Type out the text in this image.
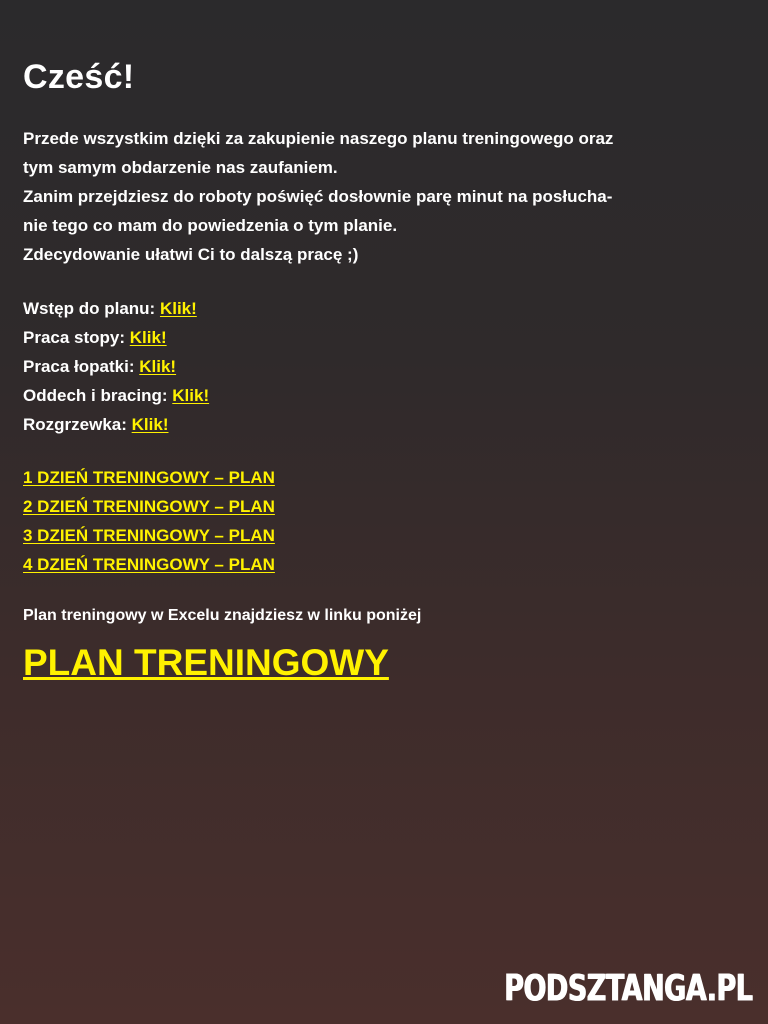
Cześć!
Przede wszystkim dzięki za zakupienie naszego planu treningowego oraz
tym samym obdarzenie nas zaufaniem.
Zanim przejdziesz do roboty poświęć dosłownie parę minut na posłucha-
nie tego co mam do powiedzenia o tym planie.
Zdecydowanie ułatwi Ci to dalszą pracę ;)
Wstęp do planu: Klik!
Praca stopy: Klik!
Praca łopatki: Klik!
Oddech i bracing: Klik!
Rozgrzewka: Klik!
1 DZIEŃ TRENINGOWY – PLAN
2 DZIEŃ TRENINGOWY – PLAN
3 DZIEŃ TRENINGOWY – PLAN
4 DZIEŃ TRENINGOWY – PLAN
Plan treningowy w Excelu znajdziesz w linku poniżej
PLAN TRENINGOWY
PODSZTANGA.PL
